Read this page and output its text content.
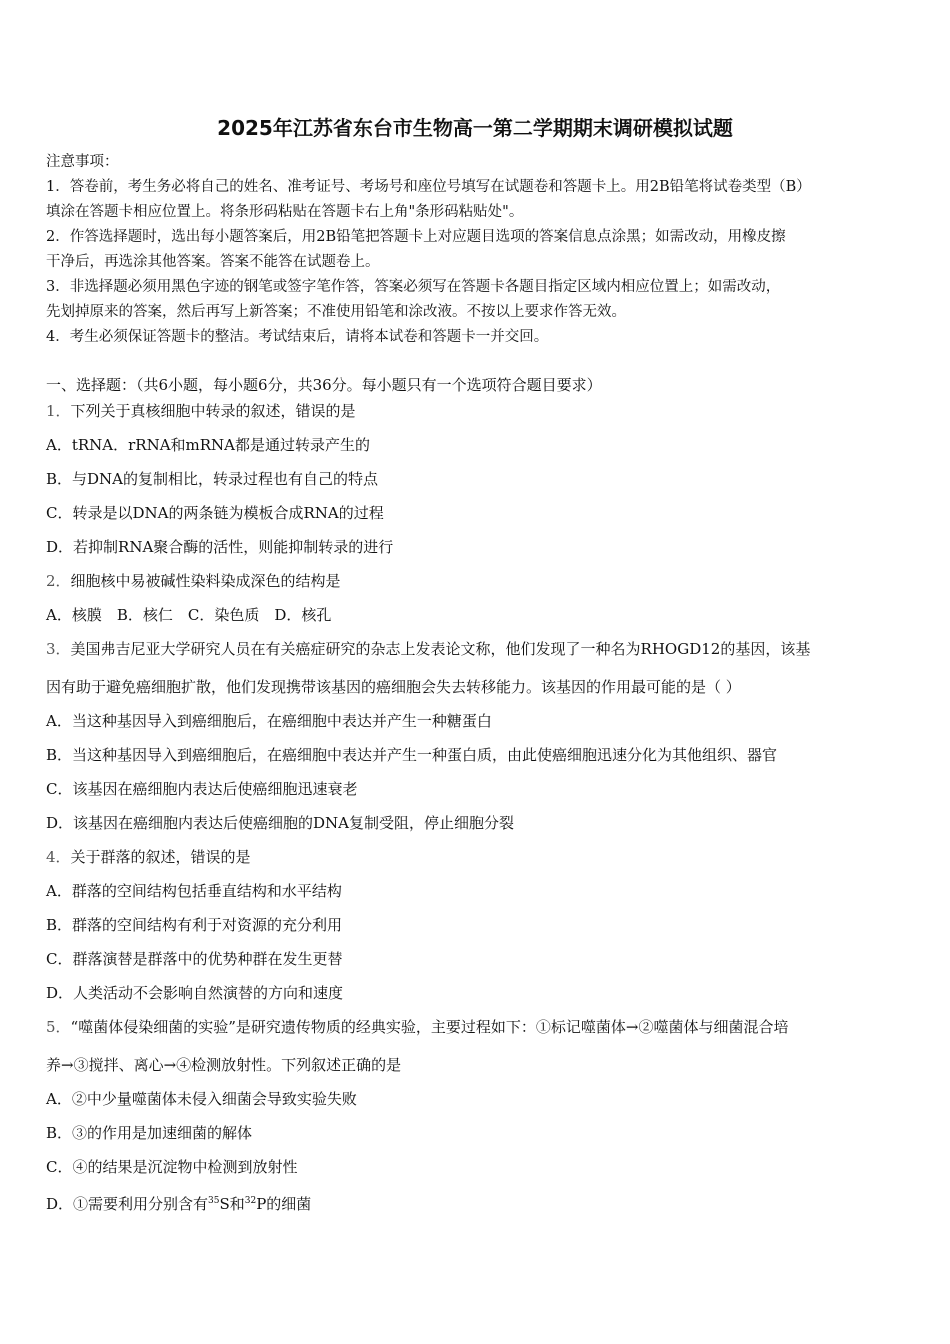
2025年江苏省东台市生物高一第二学期期末调研模拟试题
注意事项：
1．答卷前，考生务必将自己的姓名、准考证号、考场号和座位号填写在试题卷和答题卡上。用2B铅笔将试卷类型（B）
填涂在答题卡相应位置上。将条形码粘贴在答题卡右上角"条形码粘贴处"。
2．作答选择题时，选出每小题答案后，用2B铅笔把答题卡上对应题目选项的答案信息点涂黑；如需改动，用橡皮擦
干净后，再选涂其他答案。答案不能答在试题卷上。
3．非选择题必须用黑色字迹的钢笔或签字笔作答，答案必须写在答题卡各题目指定区域内相应位置上；如需改动，
先划掉原来的答案，然后再写上新答案；不准使用铅笔和涂改液。不按以上要求作答无效。
4．考生必须保证答题卡的整洁。考试结束后，请将本试卷和答题卡一并交回。
一、选择题：（共6小题，每小题6分，共36分。每小题只有一个选项符合题目要求）
1．下列关于真核细胞中转录的叙述，错误的是
A．tRNA．rRNA和mRNA都是通过转录产生的
B．与DNA的复制相比，转录过程也有自己的特点
C．转录是以DNA的两条链为模板合成RNA的过程
D．若抑制RNA聚合酶的活性，则能抑制转录的进行
2．细胞核中易被碱性染料染成深色的结构是
A．核膜　B．核仁　C．染色质　D．核孔
3．美国弗吉尼亚大学研究人员在有关癌症研究的杂志上发表论文称，他们发现了一种名为RHOGD12的基因，该基
因有助于避免癌细胞扩散，他们发现携带该基因的癌细胞会失去转移能力。该基因的作用最可能的是（ ）
A．当这种基因导入到癌细胞后，在癌细胞中表达并产生一种糖蛋白
B．当这种基因导入到癌细胞后，在癌细胞中表达并产生一种蛋白质，由此使癌细胞迅速分化为其他组织、器官
C．该基因在癌细胞内表达后使癌细胞迅速衰老
D．该基因在癌细胞内表达后使癌细胞的DNA复制受阻，停止细胞分裂
4．关于群落的叙述，错误的是
A．群落的空间结构包括垂直结构和水平结构
B．群落的空间结构有利于对资源的充分利用
C．群落演替是群落中的优势种群在发生更替
D．人类活动不会影响自然演替的方向和速度
5．“噬菌体侵染细菌的实验”是研究遗传物质的经典实验，主要过程如下：①标记噬菌体→②噬菌体与细菌混合培
养→③搅拌、离心→④检测放射性。下列叙述正确的是
A．②中少量噬菌体未侵入细菌会导致实验失败
B．③的作用是加速细菌的解体
C．④的结果是沉淀物中检测到放射性
D．①需要利用分别含有$^{35}$S和$^{32}$P的细菌
